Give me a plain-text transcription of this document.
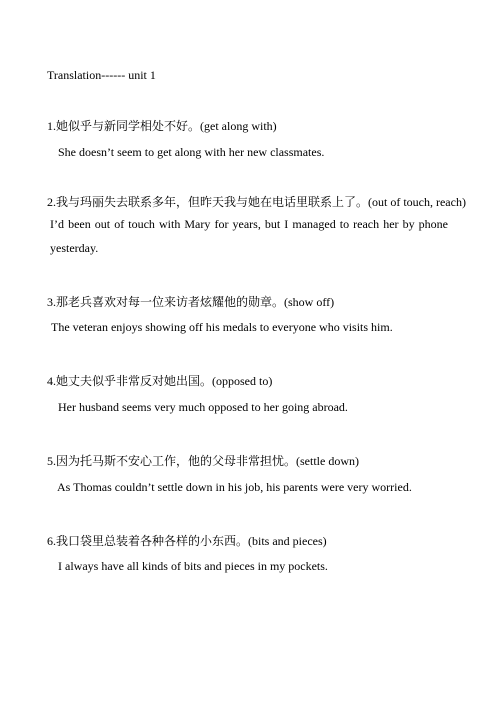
Translation------ unit 1
1.她似乎与新同学相处不好。(get along with)
She doesn’t seem to get along with her new classmates.
2.我与玛丽失去联系多年，但昨天我与她在电话里联系上了。(out of touch, reach)
I’d been out of touch with Mary for years, but I managed to reach her by phone yesterday.
3.那老兵喜欢对每一位来访者炫耀他的勋章。(show off)
The veteran enjoys showing off his medals to everyone who visits him.
4.她丈夫似乎非常反对她出国。(opposed to)
Her husband seems very much opposed to her going abroad.
5.因为托马斯不安心工作，他的父母非常担忧。(settle down)
As Thomas couldn’t settle down in his job, his parents were very worried.
6.我口袋里总装着各种各样的小东西。(bits and pieces)
I always have all kinds of bits and pieces in my pockets.
